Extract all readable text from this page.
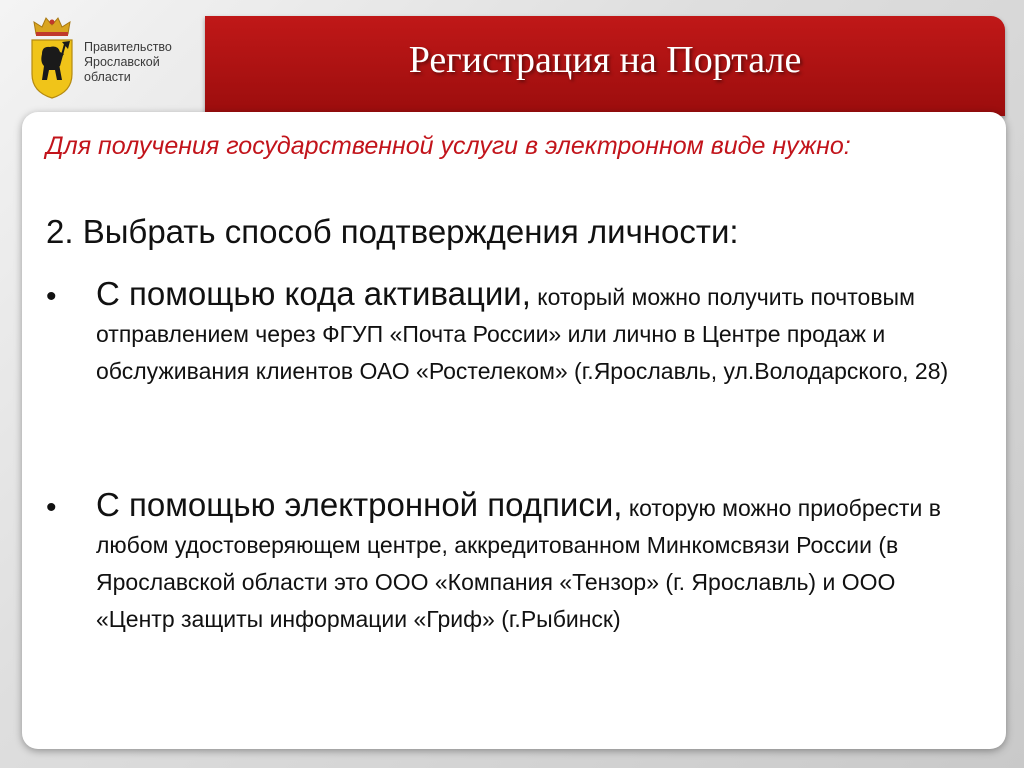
Правительство
Ярославской
области	Регистрация на Портале
Для получения государственной услуги в электронном виде нужно:
2. Выбрать способ подтверждения личности:
• С помощью кода активации, который можно получить почтовым отправлением через ФГУП «Почта России» или лично в Центре продаж и обслуживания клиентов ОАО «Ростелеком» (г.Ярославль, ул.Володарского, 28)
• С помощью электронной подписи, которую можно приобрести в любом удостоверяющем центре, аккредитованном Минкомсвязи России (в Ярославской области это ООО «Компания «Тензор» (г. Ярославль) и ООО «Центр защиты информации «Гриф» (г.Рыбинск)
